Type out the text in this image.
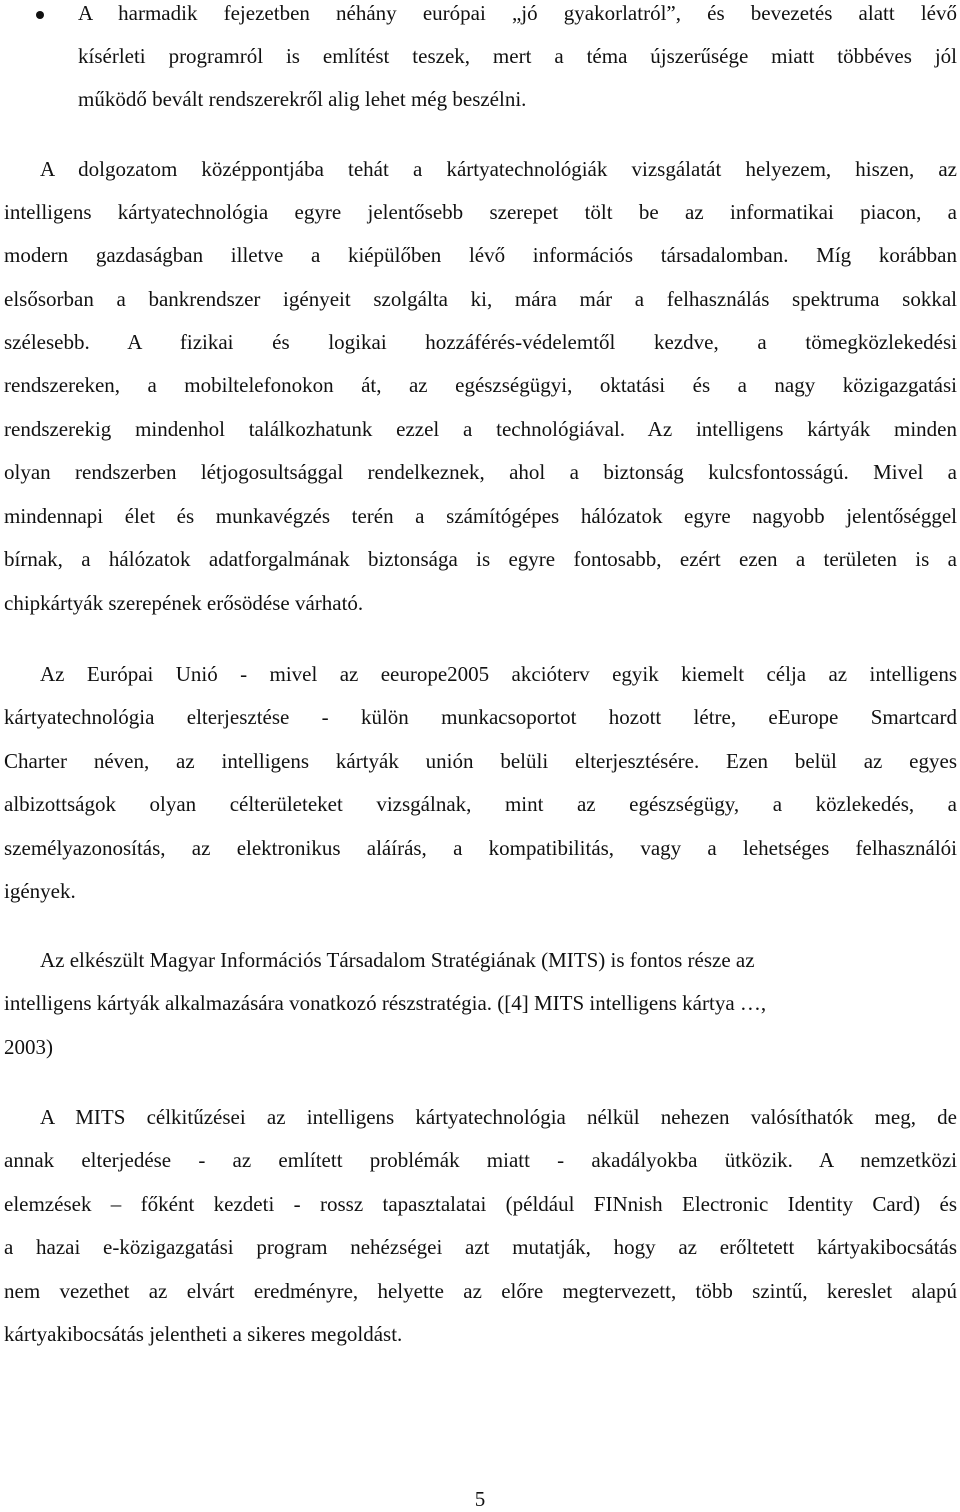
A harmadik fejezetben néhány európai „jó gyakorlatról”, és bevezetés alatt lévő
kísérleti programról is említést teszek, mert a téma újszerűsége miatt többéves jól
működő bevált rendszerekről alig lehet még beszélni.
A dolgozatom középpontjába tehát a kártyatechnológiák vizsgálatát helyezem, hiszen, az
intelligens kártyatechnológia egyre jelentősebb szerepet tölt be az informatikai piacon, a
modern gazdaságban illetve a kiépülőben lévő információs társadalomban. Míg korábban
elsősorban a bankrendszer igényeit szolgálta ki, mára már a felhasználás spektruma sokkal
szélesebb. A fizikai és logikai hozzáférés-védelemtől kezdve, a tömegközlekedési
rendszereken, a mobiltelefonokon át, az egészségügyi, oktatási és a nagy közigazgatási
rendszerekig mindenhol találkozhatunk ezzel a technológiával. Az intelligens kártyák minden
olyan rendszerben létjogosultsággal rendelkeznek, ahol a biztonság kulcsfontosságú. Mivel a
mindennapi élet és munkavégzés terén a számítógépes hálózatok egyre nagyobb jelentőséggel
bírnak, a hálózatok adatforgalmának biztonsága is egyre fontosabb, ezért ezen a területen is a
chipkártyák szerepének erősödése várható.
Az Európai Unió - mivel az eeurope2005 akcióterv egyik kiemelt célja az intelligens
kártyatechnológia elterjesztése - külön munkacsoportot hozott létre, eEurope Smartcard
Charter néven, az intelligens kártyák unión belüli elterjesztésére. Ezen belül az egyes
albizottságok olyan célterületeket vizsgálnak, mint az egészségügy, a közlekedés, a
személyazonosítás, az elektronikus aláírás, a kompatibilitás, vagy a lehetséges felhasználói
igények.
Az elkészült Magyar Információs Társadalom Stratégiának (MITS) is fontos része az
intelligens kártyák alkalmazására vonatkozó részstratégia. ([4] MITS intelligens kártya …,
2003)
A MITS célkitűzései az intelligens kártyatechnológia nélkül nehezen valósíthatók meg, de
annak elterjedése - az említett problémák miatt - akadályokba ütközik. A nemzetközi
elemzések – főként kezdeti - rossz tapasztalatai (például FINnish Electronic Identity Card) és
a hazai e-közigazgatási program nehézségei azt mutatják, hogy az erőltetett kártyakibocsátás
nem vezethet az elvárt eredményre, helyette az előre megtervezett, több szintű, kereslet alapú
kártyakibocsátás jelentheti a sikeres megoldást.
5
